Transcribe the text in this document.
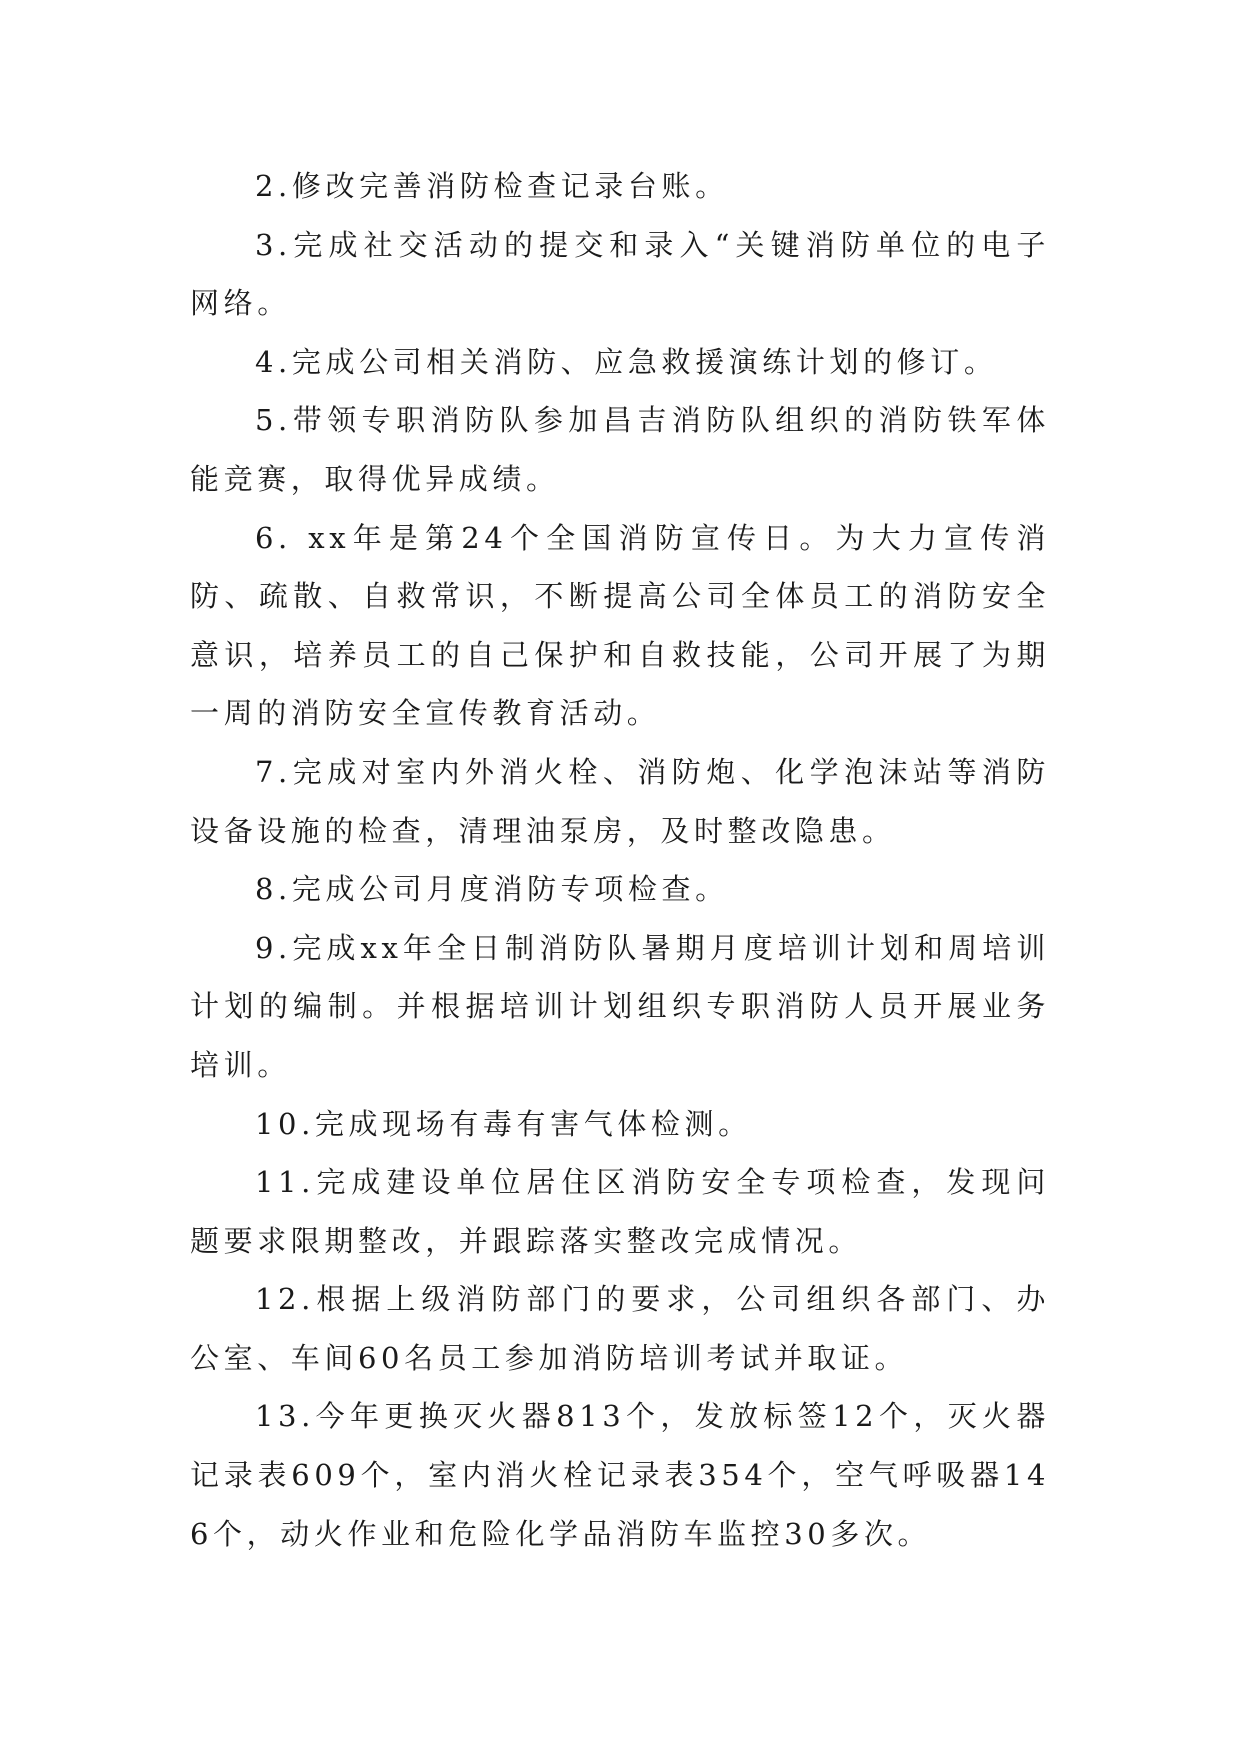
2.修改完善消防检查记录台账。

3.完成社交活动的提交和录入“关键消防单位的电子网络。

4.完成公司相关消防、应急救援演练计划的修订。

5.带领专职消防队参加昌吉消防队组织的消防铁军体能竞赛，取得优异成绩。

6. xx年是第24个全国消防宣传日。为大力宣传消防、疏散、自救常识，不断提高公司全体员工的消防安全意识，培养员工的自己保护和自救技能，公司开展了为期一周的消防安全宣传教育活动。

7.完成对室内外消火栓、消防炮、化学泡沫站等消防设备设施的检查，清理油泵房，及时整改隐患。

8.完成公司月度消防专项检查。

9.完成xx年全日制消防队暑期月度培训计划和周培训计划的编制。并根据培训计划组织专职消防人员开展业务培训。

10.完成现场有毒有害气体检测。

11.完成建设单位居住区消防安全专项检查，发现问题要求限期整改，并跟踪落实整改完成情况。

12.根据上级消防部门的要求，公司组织各部门、办公室、车间60名员工参加消防培训考试并取证。

13.今年更换灭火器813个，发放标签12个，灭火器记录表609个，室内消火栓记录表354个，空气呼吸器146个，动火作业和危险化学品消防车监控30多次。
